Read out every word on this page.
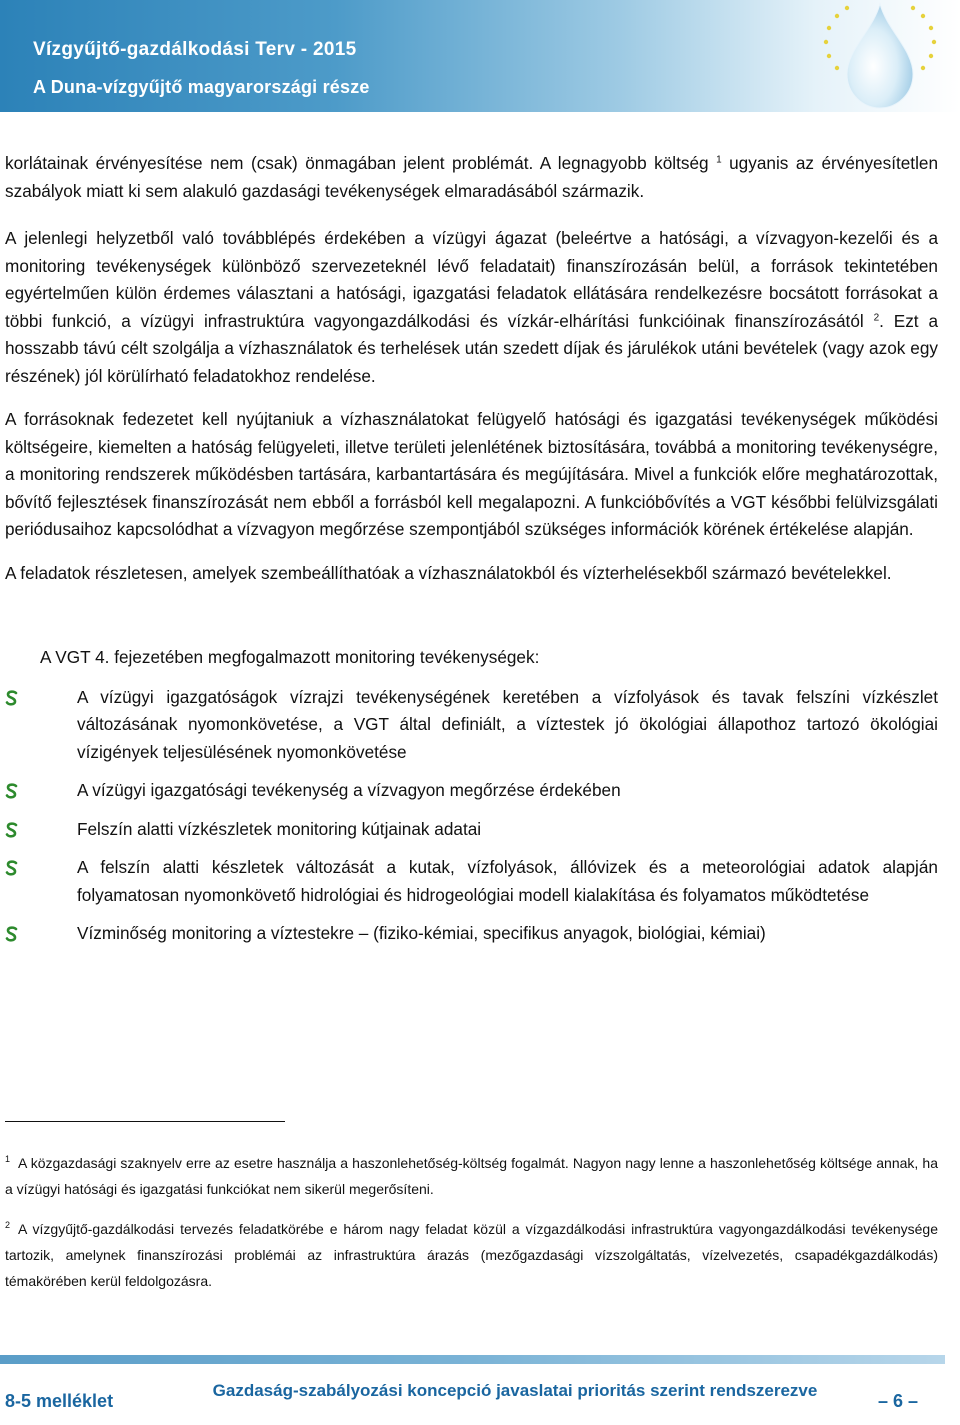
Vízgyűjtő-gazdálkodási Terv - 2015
A Duna-vízgyűjtő magyarországi része

korlátainak érvényesítése nem (csak) önmagában jelent problémát. A legnagyobb költség $^1$ ugyanis az érvényesítetlen szabályok miatt ki sem alakuló gazdasági tevékenységek elmaradásából származik.

A jelenlegi helyzetből való továbblépés érdekében a vízügyi ágazat (beleértve a hatósági, a vízvagyon-kezelői és a monitoring tevékenységek különböző szervezeteknél lévő feladatait) finanszírozásán belül, a források tekintetében egyértelműen külön érdemes választani a hatósági, igazgatási feladatok ellátására rendelkezésre bocsátott forrásokat a többi funkció, a vízügyi infrastruktúra vagyongazdálkodási és vízkár-elhárítási funkcióinak finanszírozásától $^2$. Ezt a hosszabb távú célt szolgálja a vízhasználatok és terhelések után szedett díjak és járulékok utáni bevételek (vagy azok egy részének) jól körülírható feladatokhoz rendelése.

A forrásoknak fedezetet kell nyújtaniuk a vízhasználatokat felügyelő hatósági és igazgatási tevékenységek működési költségeire, kiemelten a hatóság felügyeleti, illetve területi jelenlétének biztosítására, továbbá a monitoring tevékenységre, a monitoring rendszerek működésben tartására, karbantartására és megújítására. Mivel a funkciók előre meghatározottak, bővítő fejlesztések finanszírozását nem ebből a forrásból kell megalapozni. A funkcióbővítés a VGT későbbi felülvizsgálati periódusaihoz kapcsolódhat a vízvagyon megőrzése szempontjából szükséges információk körének értékelése alapján.

A feladatok részletesen, amelyek szembeállíthatóak a vízhasználatokból és vízterhelésekből származó bevételekkel.

A VGT 4. fejezetében megfogalmazott monitoring tevékenységek:
A vízügyi igazgatóságok vízrajzi tevékenységének keretében a vízfolyások és tavak felszíni vízkészlet változásának nyomonkövetése, a VGT által definiált, a víztestek jó ökológiai állapothoz tartozó ökológiai vízigények teljesülésének nyomonkövetése
A vízügyi igazgatósági tevékenység a vízvagyon megőrzése érdekében
Felszín alatti vízkészletek monitoring kútjainak adatai
A felszín alatti készletek változását a kutak, vízfolyások, állóvizek és a meteorológiai adatok alapján folyamatosan nyomonkövető hidrológiai és hidrogeológiai modell kialakítása és folyamatos működtetése
Vízminőség monitoring a víztestekre – (fiziko-kémiai, specifikus anyagok, biológiai, kémiai)

$^1$ A közgazdasági szaknyelv erre az esetre használja a haszonlehetőség-költség fogalmát. Nagyon nagy lenne a haszonlehetőség költsége annak, ha a vízügyi hatósági és igazgatási funkciókat nem sikerül megerősíteni.

$^2$ A vízgyűjtő-gazdálkodási tervezés feladatkörébe e három nagy feladat közül a vízgazdálkodási infrastruktúra vagyongazdálkodási tevékenysége tartozik, amelynek finanszírozási problémái az infrastruktúra árazás (mezőgazdasági vízszolgáltatás, vízelvezetés, csapadékgazdálkodás) témakörében kerül feldolgozásra.

8-5 melléklet
Gazdaság-szabályozási koncepció javaslatai prioritás szerint rendszerezve
– 6 –
